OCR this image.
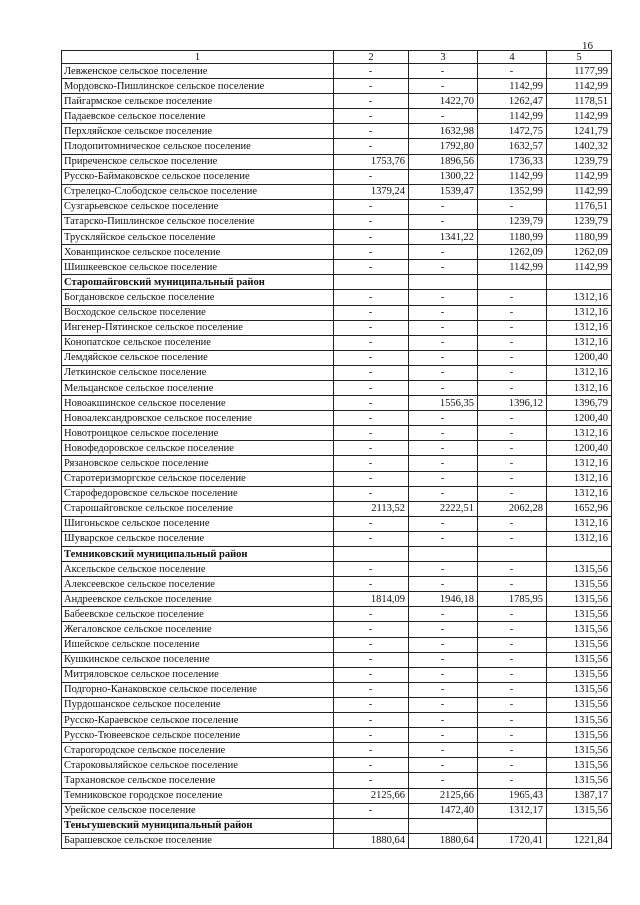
16
1	2	3	4	5
Левженское сельское поселение	-	-	-	1177,99
Мордовско-Пишлинское сельское поселение	-	-	1142,99	1142,99
Пайгармское сельское поселение	-	1422,70	1262,47	1178,51
Падаевское сельское поселение	-	-	1142,99	1142,99
Перхляйское сельское поселение	-	1632,98	1472,75	1241,79
Плодопитомническое сельское поселение	-	1792,80	1632,57	1402,32
Приреченское сельское поселение	1753,76	1896,56	1736,33	1239,79
Русско-Баймаковское сельское поселение	-	1300,22	1142,99	1142,99
Стрелецко-Слободское сельское поселение	1379,24	1539,47	1352,99	1142,99
Сузгарьевское сельское поселение	-	-	-	1176,51
Татарско-Пишлинское сельское поселение	-	-	1239,79	1239,79
Трускляйское сельское поселение	-	1341,22	1180,99	1180,99
Хованщинское сельское поселение	-	-	1262,09	1262,09
Шишкеевское сельское поселение	-	-	1142,99	1142,99
Старошайговский муниципальный район				
Богдановское сельское поселение	-	-	-	1312,16
Восходское сельское поселение	-	-	-	1312,16
Ингенер-Пятинское сельское поселение	-	-	-	1312,16
Конопатское сельское поселение	-	-	-	1312,16
Лемдяйское сельское поселение	-	-	-	1200,40
Леткинское сельское поселение	-	-	-	1312,16
Мельцанское сельское поселение	-	-	-	1312,16
Новоакшинское сельское поселение	-	1556,35	1396,12	1396,79
Новоалександровское сельское поселение	-	-	-	1200,40
Новотроицкое сельское поселение	-	-	-	1312,16
Новофедоровское сельское поселение	-	-	-	1200,40
Рязановское сельское поселение	-	-	-	1312,16
Старотеризморгское сельское поселение	-	-	-	1312,16
Старофедоровское сельское поселение	-	-	-	1312,16
Старошайговское сельское поселение	2113,52	2222,51	2062,28	1652,96
Шигоньское сельское поселение	-	-	-	1312,16
Шуварское сельское поселение	-	-	-	1312,16
Темниковский муниципальный район				
Аксельское сельское поселение	-	-	-	1315,56
Алексеевское сельское поселение	-	-	-	1315,56
Андреевское сельское поселение	1814,09	1946,18	1785,95	1315,56
Бабеевское сельское поселение	-	-	-	1315,56
Жегаловское сельское поселение	-	-	-	1315,56
Ишейское сельское поселение	-	-	-	1315,56
Кушкинское сельское поселение	-	-	-	1315,56
Митряловское сельское поселение	-	-	-	1315,56
Подгорно-Канаковское сельское поселение	-	-	-	1315,56
Пурдошанское сельское поселение	-	-	-	1315,56
Русско-Караевское сельское поселение	-	-	-	1315,56
Русско-Тювеевское сельское поселение	-	-	-	1315,56
Старогородское сельское поселение	-	-	-	1315,56
Староковыляйское сельское поселение	-	-	-	1315,56
Тархановское сельское поселение	-	-	-	1315,56
Темниковское городское поселение	2125,66	2125,66	1965,43	1387,17
Урейское сельское поселение	-	1472,40	1312,17	1315,56
Теньгушевский муниципальный район				
Барашевское сельское поселение	1880,64	1880,64	1720,41	1221,84
